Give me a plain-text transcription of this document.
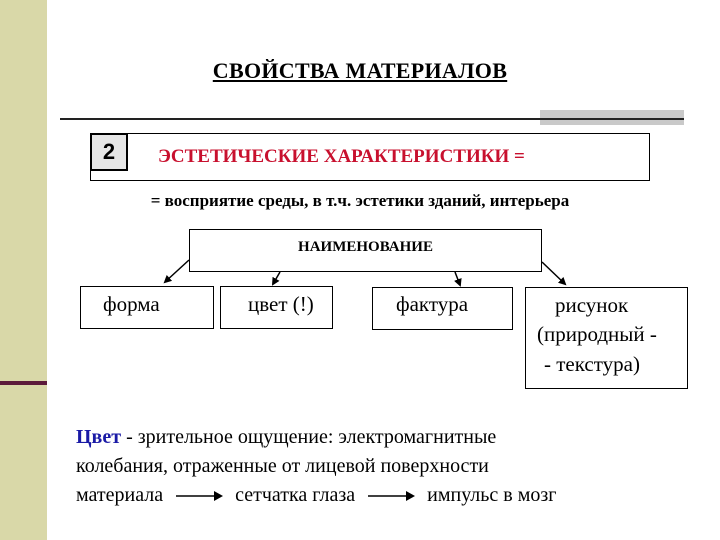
СВОЙСТВА МАТЕРИАЛОВ
2	ЭСТЕТИЧЕСКИЕ ХАРАКТЕРИСТИКИ =
= восприятие среды, в т.ч. эстетики зданий, интерьера
НАИМЕНОВАНИЕ
форма	цвет (!)	фактура	рисунок
(природный -
- текстура)
Цвет - зрительное ощущение: электромагнитные
колебания, отраженные от лицевой поверхности
материала	сетчатка глаза	импульс в мозг
